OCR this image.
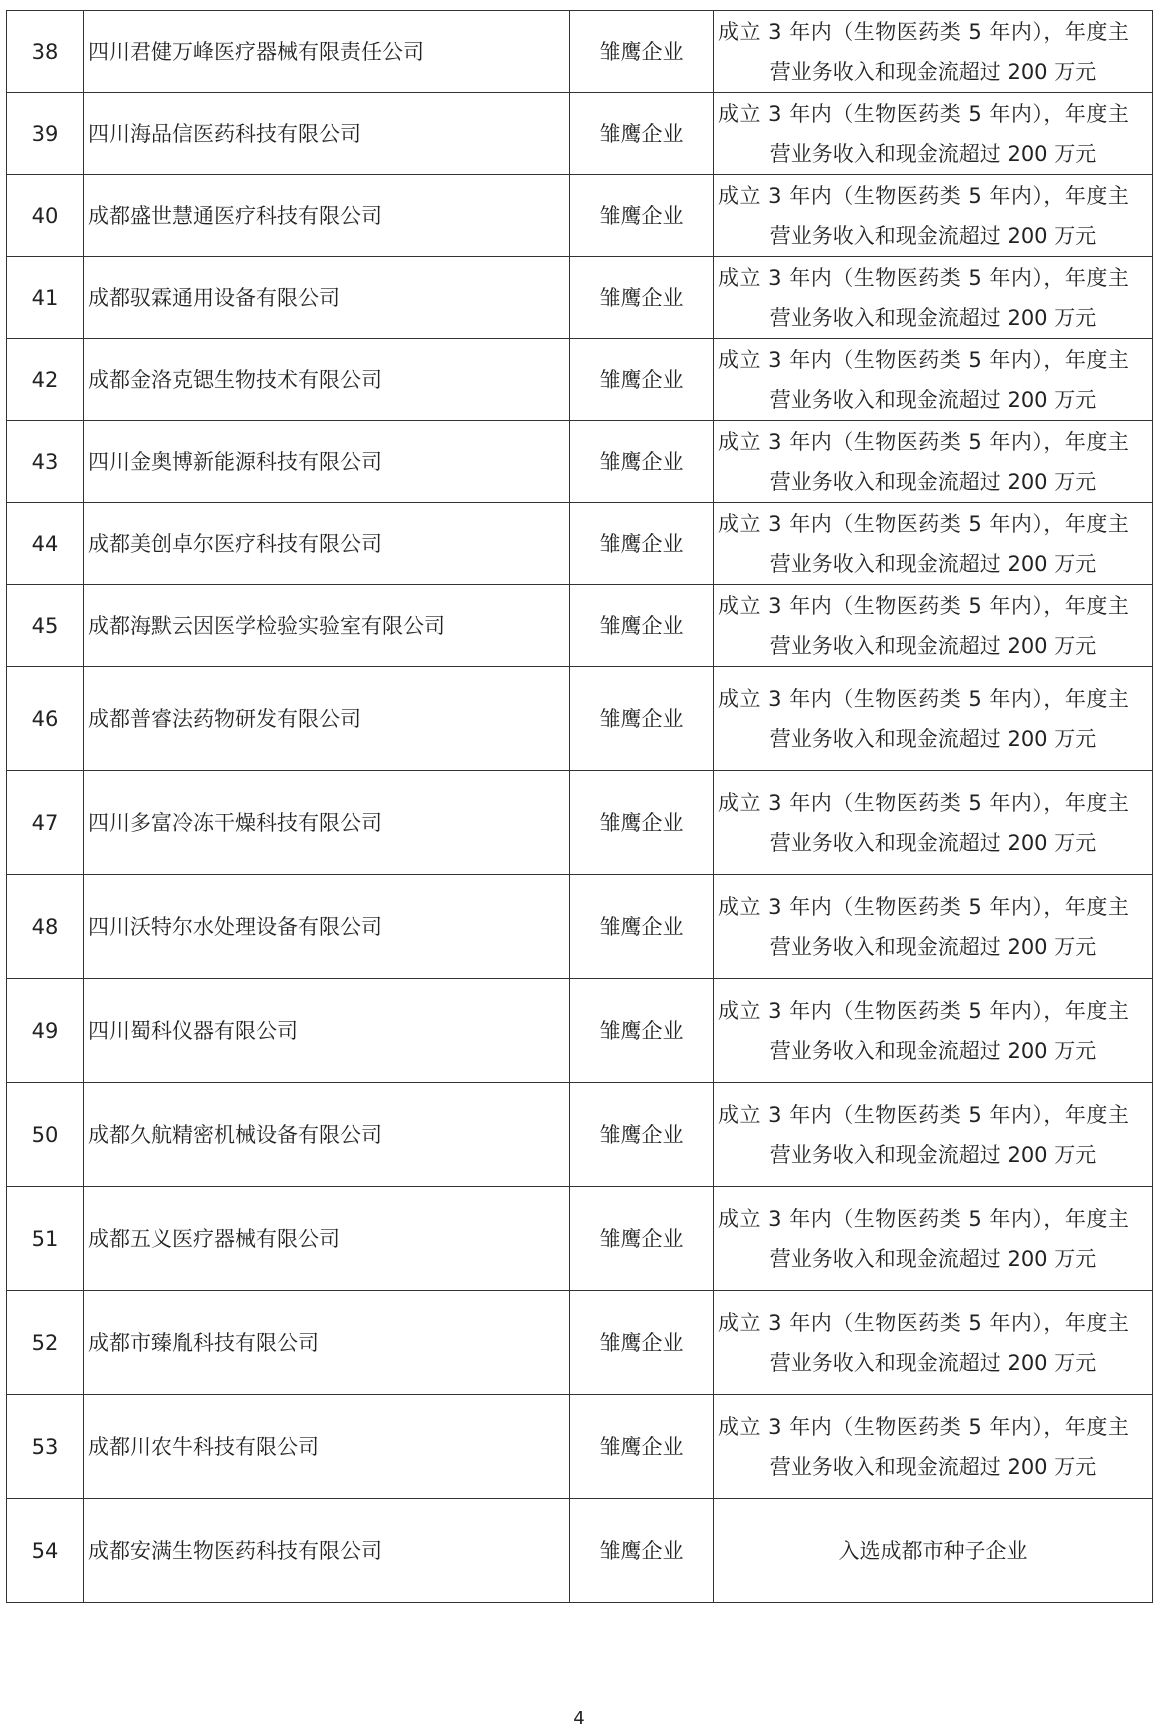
38	四川君健万峰医疗器械有限责任公司	雏鹰企业	成立 3 年内（生物医药类 5 年内），年度主
营业务收入和现金流超过 200 万元

39	四川海品信医药科技有限公司	雏鹰企业	成立 3 年内（生物医药类 5 年内），年度主
营业务收入和现金流超过 200 万元

40	成都盛世慧通医疗科技有限公司	雏鹰企业	成立 3 年内（生物医药类 5 年内），年度主
营业务收入和现金流超过 200 万元

41	成都驭霖通用设备有限公司	雏鹰企业	成立 3 年内（生物医药类 5 年内），年度主
营业务收入和现金流超过 200 万元

42	成都金洛克锶生物技术有限公司	雏鹰企业	成立 3 年内（生物医药类 5 年内），年度主
营业务收入和现金流超过 200 万元

43	四川金奥博新能源科技有限公司	雏鹰企业	成立 3 年内（生物医药类 5 年内），年度主
营业务收入和现金流超过 200 万元

44	成都美创卓尔医疗科技有限公司	雏鹰企业	成立 3 年内（生物医药类 5 年内），年度主
营业务收入和现金流超过 200 万元

45	成都海默云因医学检验实验室有限公司	雏鹰企业	成立 3 年内（生物医药类 5 年内），年度主
营业务收入和现金流超过 200 万元

46	成都普睿法药物研发有限公司	雏鹰企业	成立 3 年内（生物医药类 5 年内），年度主
营业务收入和现金流超过 200 万元

47	四川多富冷冻干燥科技有限公司	雏鹰企业	成立 3 年内（生物医药类 5 年内），年度主
营业务收入和现金流超过 200 万元

48	四川沃特尔水处理设备有限公司	雏鹰企业	成立 3 年内（生物医药类 5 年内），年度主
营业务收入和现金流超过 200 万元

49	四川蜀科仪器有限公司	雏鹰企业	成立 3 年内（生物医药类 5 年内），年度主
营业务收入和现金流超过 200 万元

50	成都久航精密机械设备有限公司	雏鹰企业	成立 3 年内（生物医药类 5 年内），年度主
营业务收入和现金流超过 200 万元

51	成都五义医疗器械有限公司	雏鹰企业	成立 3 年内（生物医药类 5 年内），年度主
营业务收入和现金流超过 200 万元

52	成都市臻胤科技有限公司	雏鹰企业	成立 3 年内（生物医药类 5 年内），年度主
营业务收入和现金流超过 200 万元

53	成都川农牛科技有限公司	雏鹰企业	成立 3 年内（生物医药类 5 年内），年度主
营业务收入和现金流超过 200 万元

54	成都安满生物医药科技有限公司	雏鹰企业	入选成都市种子企业
4
